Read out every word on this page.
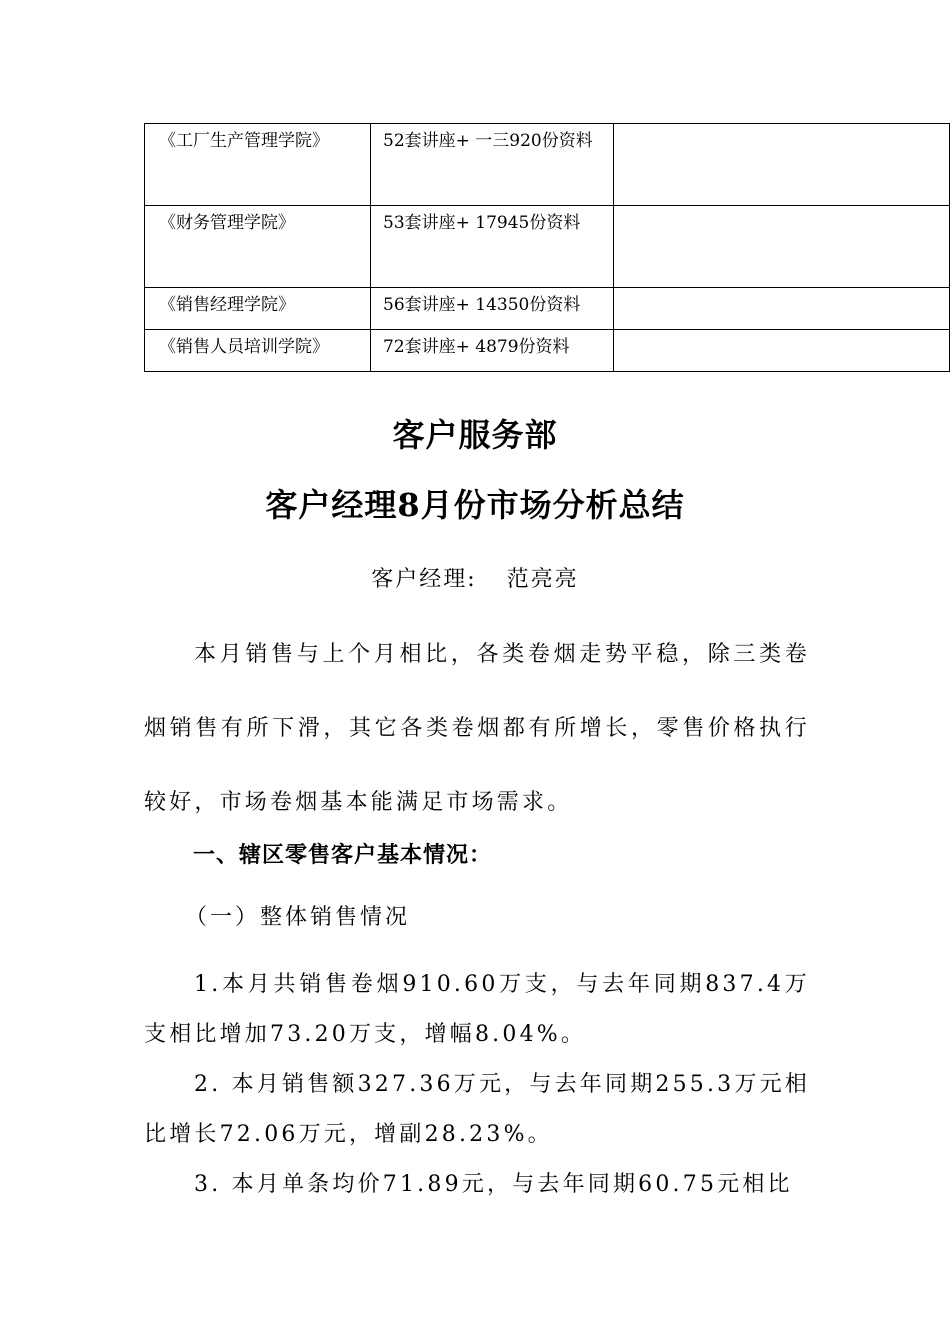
《工厂生产管理学院》	52套讲座+ 一三920份资料	

《财务管理学院》	53套讲座+ 17945份资料	

《销售经理学院》	56套讲座+ 14350份资料	

《销售人员培训学院》	72套讲座+ 4879份资料	

客户服务部
客户经理8月份市场分析总结
客户经理: 范亮亮
本月销售与上个月相比，各类卷烟走势平稳，除三类卷烟销售有所下滑，其它各类卷烟都有所增长，零售价格执行较好，市场卷烟基本能满足市场需求。
一、辖区零售客户基本情况：
（一）整体销售情况
1.本月共销售卷烟910.60万支，与去年同期837.4万支相比增加73.20万支，增幅8.04%。
2. 本月销售额327.36万元，与去年同期255.3万元相比增长72.06万元，增副28.23%。
3. 本月单条均价71.89元，与去年同期60.75元相比
